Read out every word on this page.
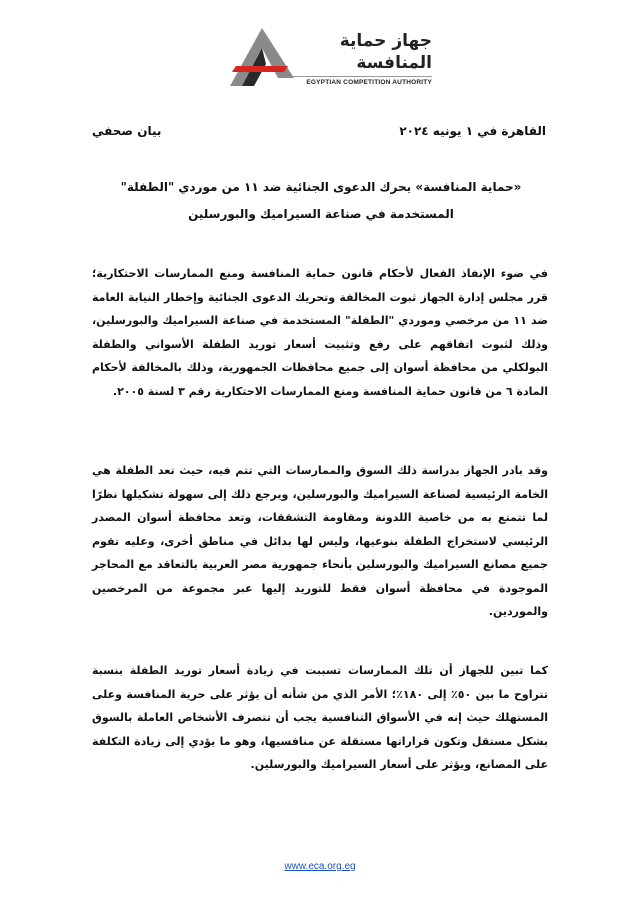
جهاز حماية المنافسة
EGYPTIAN COMPETITION AUTHORITY
القاهرة في ١ يونيه ٢٠٢٤
بيان صحفي
«حماية المنافسة» يحرك الدعوى الجنائية ضد ١١ من موردي "الطفلة" المستخدمة في صناعة السيراميك والبورسلين
في ضوء الإنفاذ الفعال لأحكام قانون حماية المنافسة ومنع الممارسات الاحتكارية؛ قرر مجلس إدارة الجهاز ثبوت المخالفة وتحريك الدعوى الجنائية وإخطار النيابة العامة ضد ١١ من مرخصي وموردي "الطفلة" المستخدمة في صناعة السيراميك والبورسلين، وذلك لثبوت اتفاقهم على رفع وتثبيت أسعار توريد الطفلة الأسواني والطفلة البولكلي من محافظة أسوان إلى جميع محافظات الجمهورية، وذلك بالمخالفة لأحكام المادة ٦ من قانون حماية المنافسة ومنع الممارسات الاحتكارية رقم ٣ لسنة ٢٠٠٥.
وقد بادر الجهاز بدراسة ذلك السوق والممارسات التي تتم فيه، حيث تعد الطفلة هي الخامة الرئيسية لصناعة السيراميك والبورسلين، ويرجع ذلك إلى سهولة تشكيلها نظرًا لما تتمتع به من خاصية اللدونة ومقاومة التشققات، وتعد محافظة أسوان المصدر الرئيسي لاستخراج الطفلة بنوعيها، وليس لها بدائل في مناطق أخرى، وعليه تقوم جميع مصانع السيراميك والبورسلين بأنحاء جمهورية مصر العربية بالتعاقد مع المحاجر الموجودة في محافظة أسوان فقط للتوريد إليها عبر مجموعة من المرخصين والموردين.
كما تبين للجهاز أن تلك الممارسات تسببت في زيادة أسعار توريد الطفلة بنسبة تتراوح ما بين ٥٠٪ إلى ١٨٠٪؛ الأمر الذي من شأنه أن يؤثر على حرية المنافسة وعلى المستهلك حيث إنه في الأسواق التنافسية يجب أن تتصرف الأشخاص العاملة بالسوق بشكل مستقل وتكون قراراتها مستقلة عن منافسيها، وهو ما يؤدي إلى زيادة التكلفة على المصانع، ويؤثر على أسعار السيراميك والبورسلين.
www.eca.org.eg
